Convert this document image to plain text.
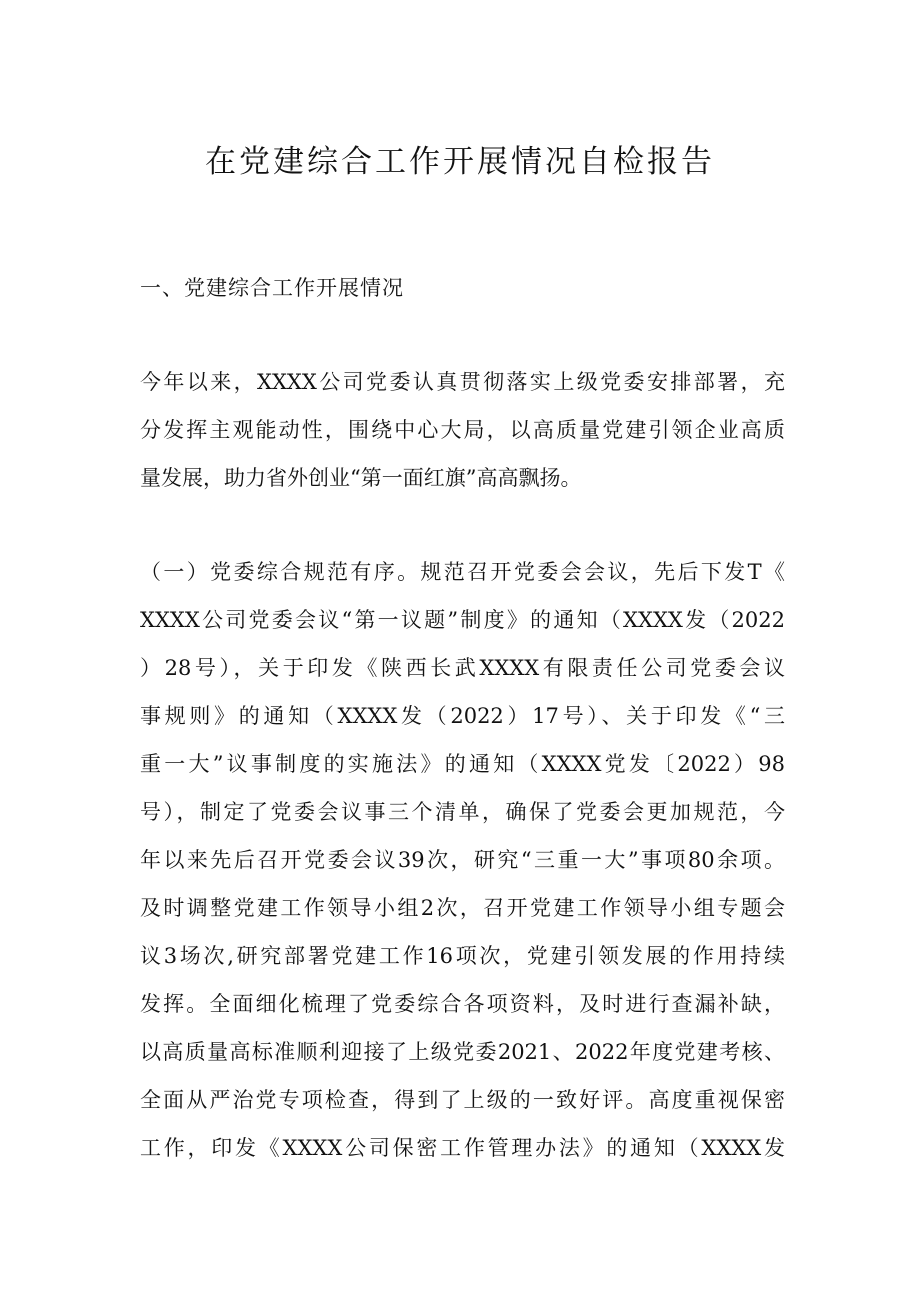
在党建综合工作开展情况自检报告
一、党建综合工作开展情况
今年以来，XXXX公司党委认真贯彻落实上级党委安排部署，充
分发挥主观能动性，围绕中心大局，以高质量党建引领企业高质
量发展，助力省外创业“第一面红旗”高高飘扬。
（一）党委综合规范有序。规范召开党委会会议，先后下发T《
XXXX公司党委会议“第一议题”制度》的通知（XXXX发（2022
）28号），关于印发《陕西长武XXXX有限责任公司党委会议
事规则》的通知（XXXX发（2022）17号）、关于印发《“三
重一大”议事制度的实施法》的通知（XXXX党发〔2022）98
号），制定了党委会议事三个清单，确保了党委会更加规范，今
年以来先后召开党委会议39次，研究“三重一大”事项80余项。
及时调整党建工作领导小组2次，召开党建工作领导小组专题会
议3场次,研究部署党建工作16项次，党建引领发展的作用持续
发挥。全面细化梳理了党委综合各项资料，及时进行查漏补缺，
以高质量高标准顺利迎接了上级党委2021、2022年度党建考核、
全面从严治党专项检查，得到了上级的一致好评。高度重视保密
工作，印发《XXXX公司保密工作管理办法》的通知（XXXX发
